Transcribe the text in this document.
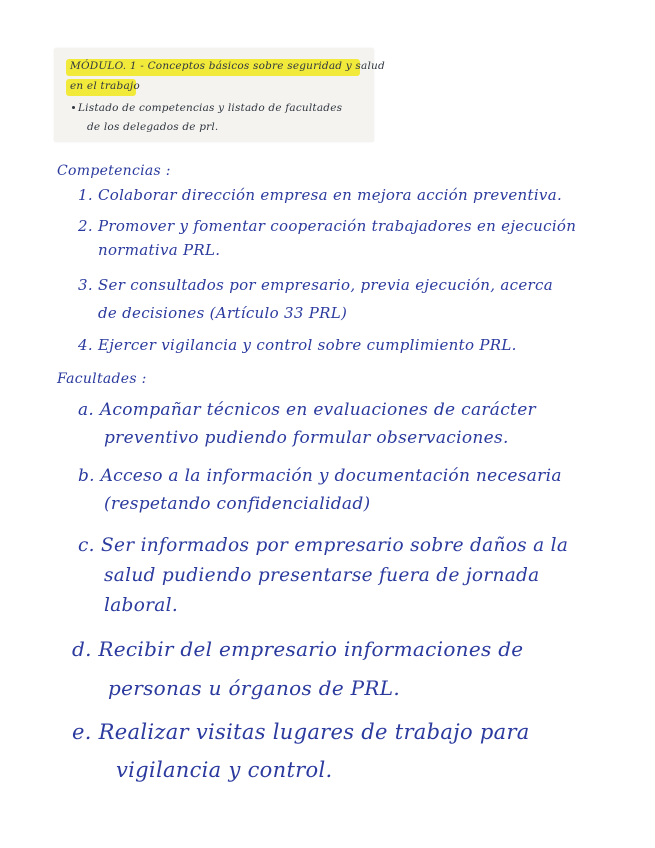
MÓDULO. 1 - Conceptos básicos sobre seguridad y salud
en el trabajo
Listado de competencias y listado de facultades
de los delegados de prl.
Competencias :
1. Colaborar dirección empresa en mejora acción preventiva.
2. Promover y fomentar cooperación trabajadores en ejecución
normativa PRL.
3. Ser consultados por empresario, previa ejecución, acerca
de decisiones (Artículo 33 PRL)
4. Ejercer vigilancia y control sobre cumplimiento PRL.
Facultades :
a. Acompañar técnicos en evaluaciones de carácter
preventivo pudiendo formular observaciones.
b. Acceso a la información y documentación necesaria
(respetando confidencialidad)
c. Ser informados por empresario sobre daños a la
salud pudiendo presentarse fuera de jornada
laboral.
d. Recibir del empresario informaciones de
personas u órganos de PRL.
e. Realizar visitas lugares de trabajo para
vigilancia y control.
